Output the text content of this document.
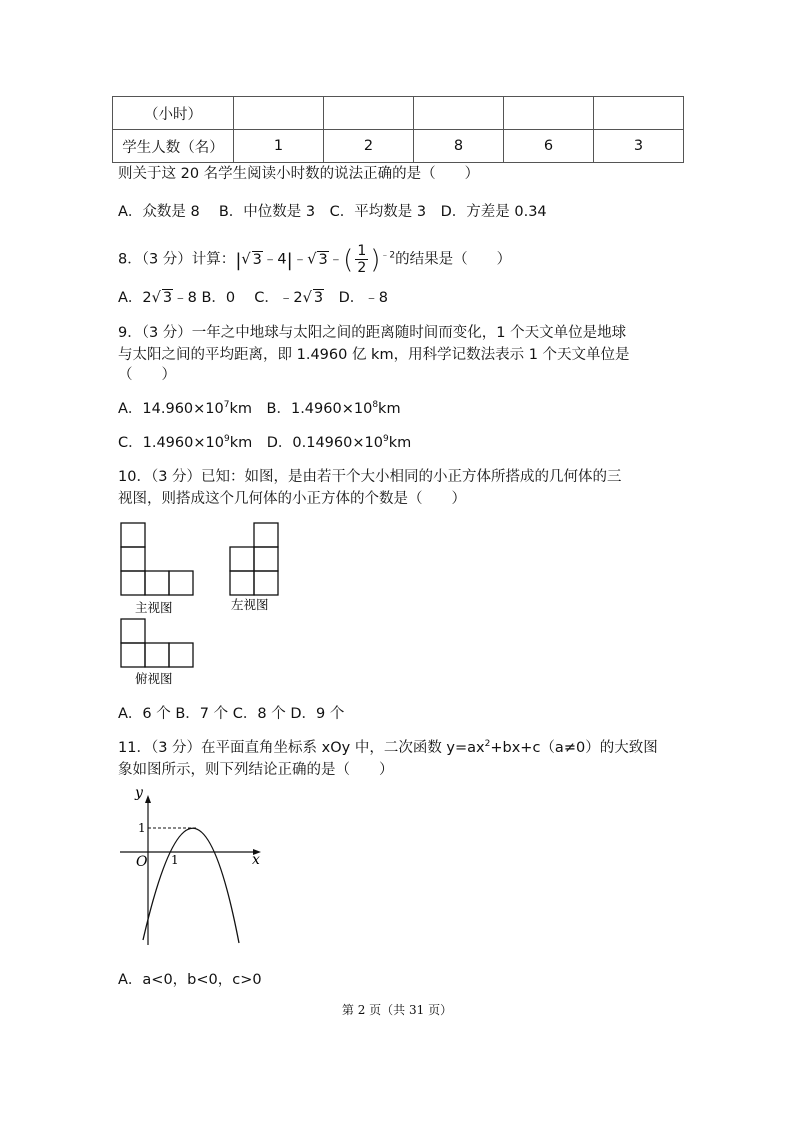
（小时）					
学生人数（名）	1	2	8	6	3
则关于这 20 名学生阅读小时数的说法正确的是（　　）
A．众数是 8　 B．中位数是 3　C．平均数是 3　D．方差是 0.34
8．（3 分）计算：|√ 3﹣4|﹣√ 3﹣( $\frac{1}{2} )^{﹣2}$的结果是（　　）
A．2√ 3﹣8 B．0　 C．﹣2√ 3　D．﹣8
9．（3 分）一年之中地球与太阳之间的距离随时间而变化，1 个天文单位是地球
与太阳之间的平均距离，即 1.4960 亿 km，用科学记数法表示 1 个天文单位是
（　　）
A．$14.960\times 10^7km$　B．$1.4960\times 10^8km$
C．$1.4960\times 10^9km$　D．$0.14960\times 10^9km$
10．（3 分）已知：如图，是由若干个大小相同的小正方体所搭成的几何体的三
视图，则搭成这个几何体的小正方体的个数是（　　）
主视图	左视图
俯视图
A．6 个 B．7 个 C．8 个 D．9 个
11．（3 分）在平面直角坐标系 xOy 中，二次函数 $y=ax^2+bx+c(a\ne 0)$的大致图
象如图所示，则下列结论正确的是（　　）
y
x
O
1
1
A．a<0，b<0，c>0
第 2 页（共 31 页）
